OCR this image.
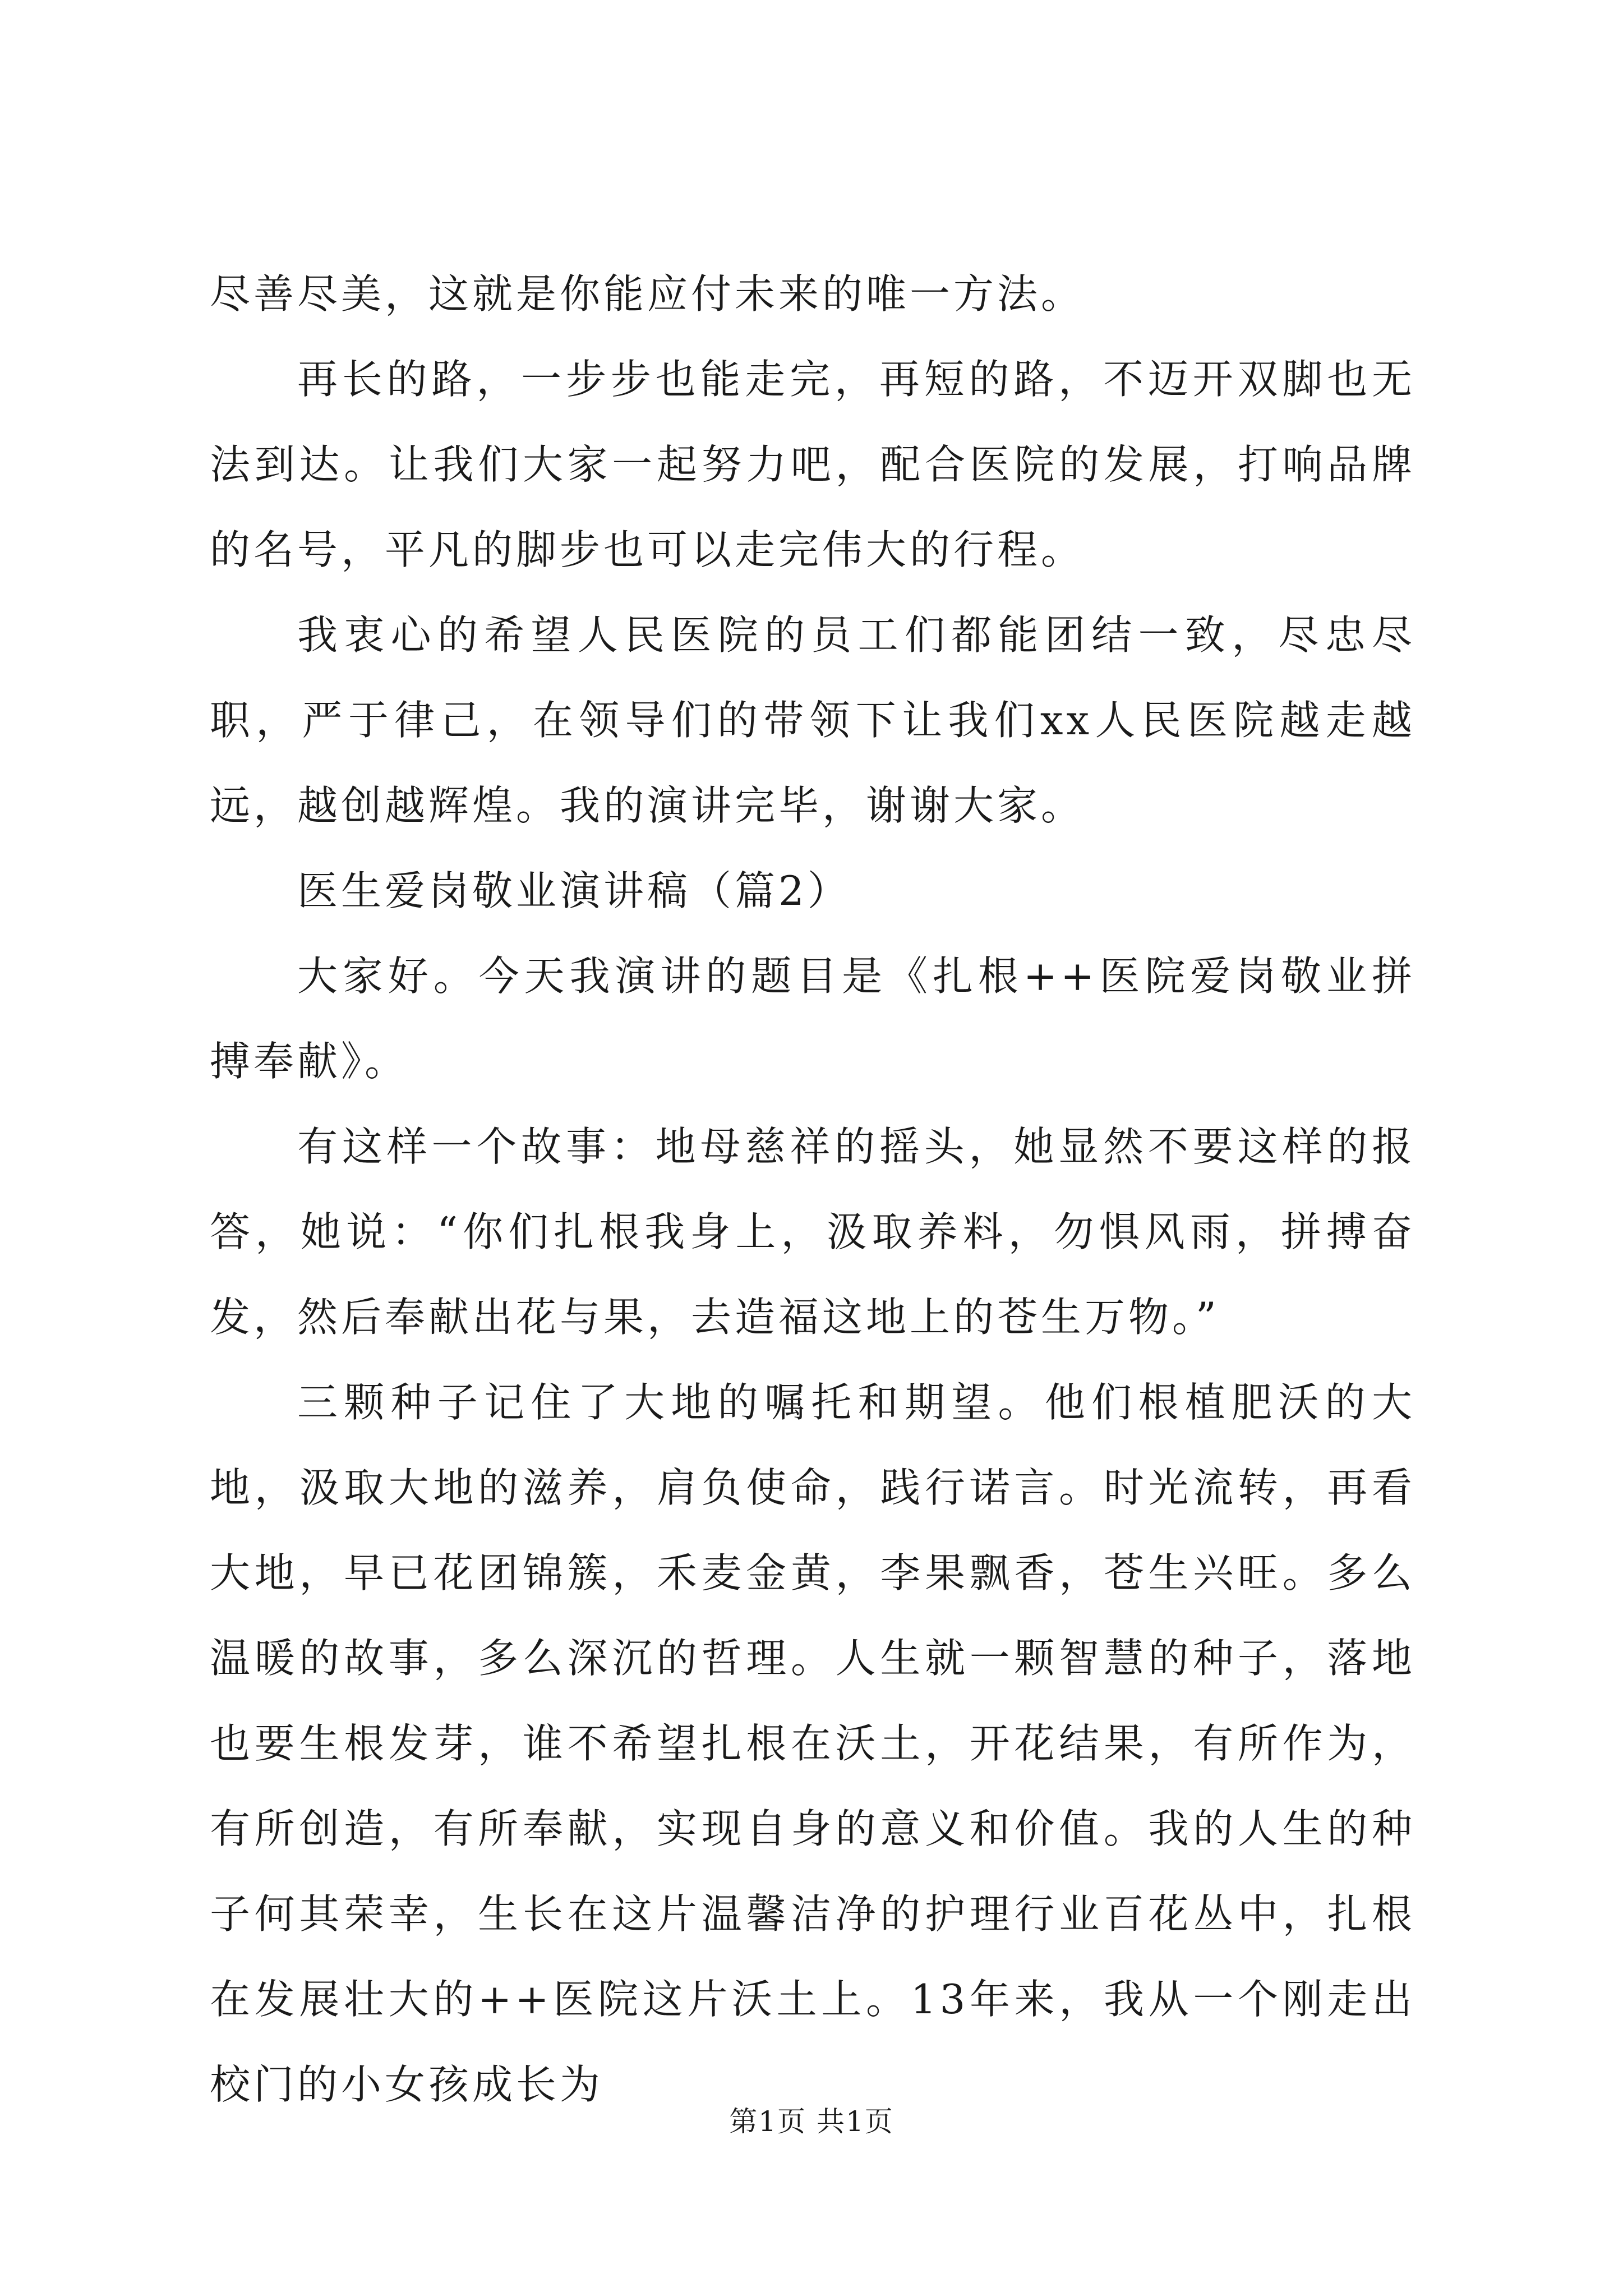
尽善尽美，这就是你能应付未来的唯一方法。

再长的路，一步步也能走完，再短的路，不迈开双脚也无法到达。让我们大家一起努力吧，配合医院的发展，打响品牌的名号，平凡的脚步也可以走完伟大的行程。

我衷心的希望人民医院的员工们都能团结一致，尽忠尽职，严于律己，在领导们的带领下让我们xx人民医院越走越远，越创越辉煌。我的演讲完毕，谢谢大家。

医生爱岗敬业演讲稿（篇2）

大家好。今天我演讲的题目是《扎根++医院爱岗敬业拼搏奉献》。

有这样一个故事：地母慈祥的摇头，她显然不要这样的报答，她说：“你们扎根我身上，汲取养料，勿惧风雨，拼搏奋发，然后奉献出花与果，去造福这地上的苍生万物。”

三颗种子记住了大地的嘱托和期望。他们根植肥沃的大地，汲取大地的滋养，肩负使命，践行诺言。时光流转，再看大地，早已花团锦簇，禾麦金黄，李果飘香，苍生兴旺。多么温暖的故事，多么深沉的哲理。人生就一颗智慧的种子，落地也要生根发芽，谁不希望扎根在沃土，开花结果，有所作为，有所创造，有所奉献，实现自身的意义和价值。我的人生的种子何其荣幸，生长在这片温馨洁净的护理行业百花丛中，扎根在发展壮大的++医院这片沃土上。13年来，我从一个刚走出校门的小女孩成长为

第1页 共1页
